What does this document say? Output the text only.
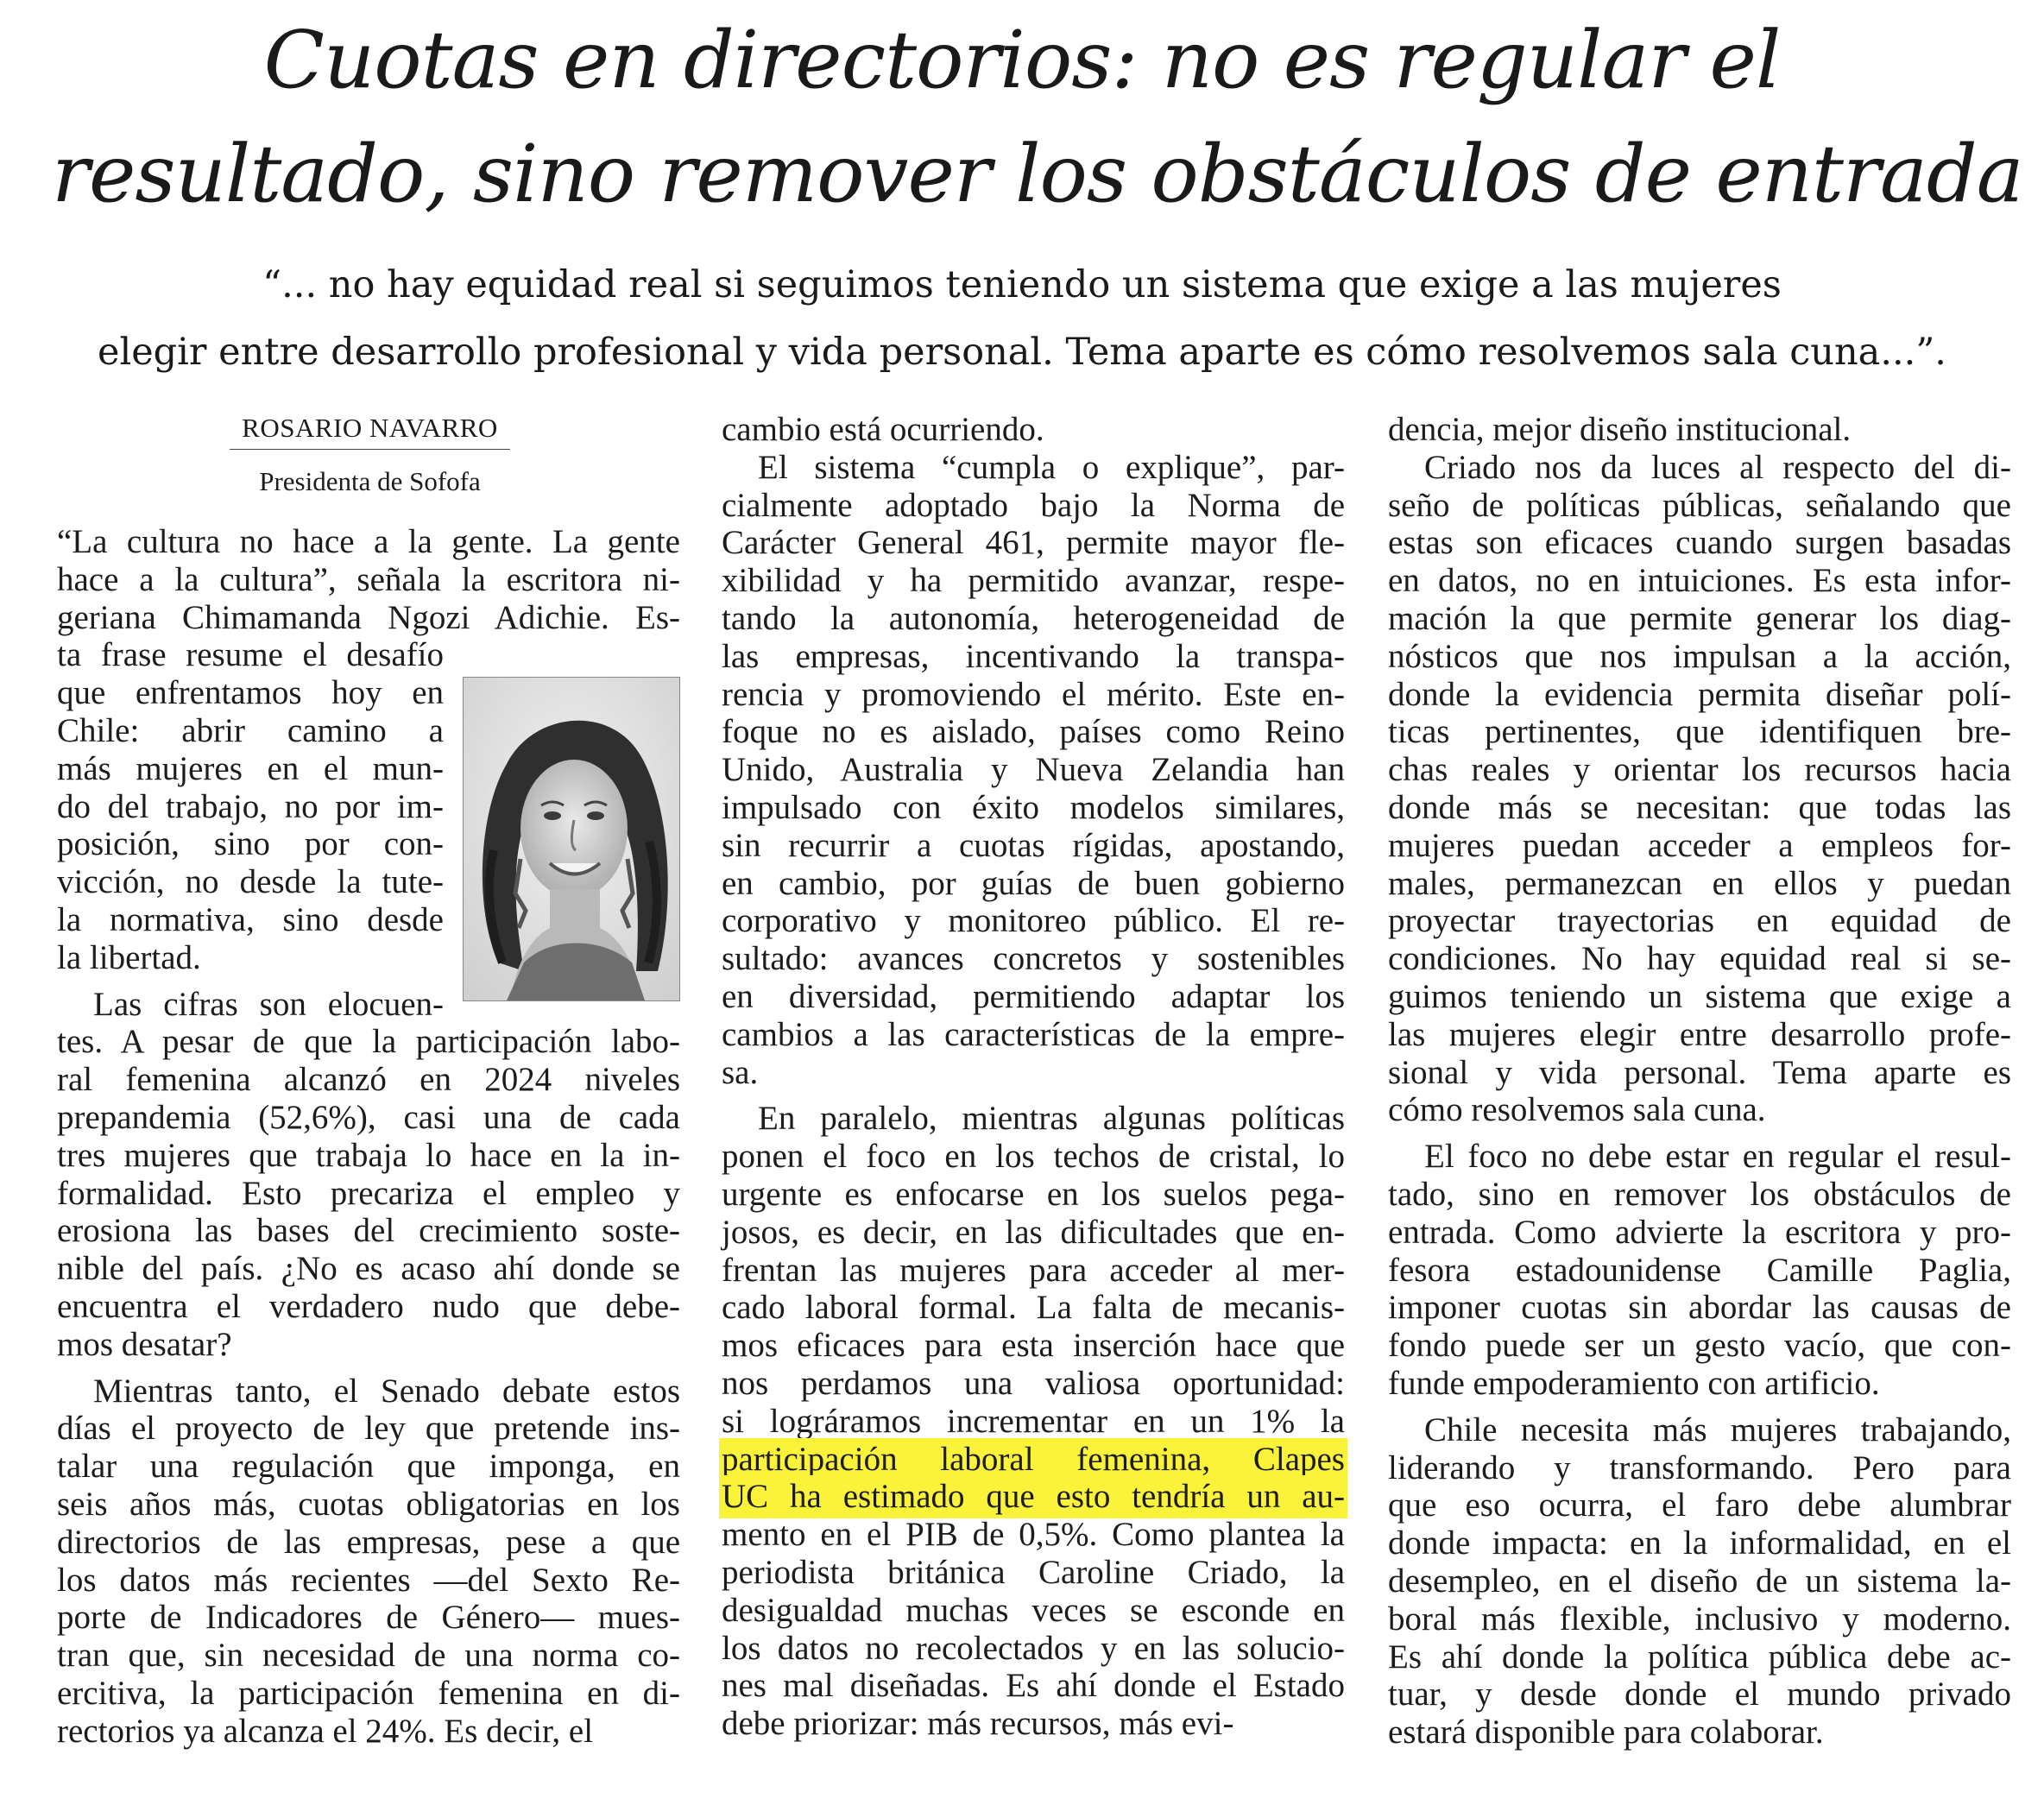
Cuotas en directorios: no es regular el
resultado, sino remover los obstáculos de entrada
“... no hay equidad real si seguimos teniendo un sistema que exige a las mujeres
elegir entre desarrollo profesional y vida personal. Tema aparte es cómo resolvemos sala cuna...”.
ROSARIO NAVARRO
Presidenta de Sofofa
“La cultura no hace a la gente. La gente
hace a la cultura”, señala la escritora ni-
geriana Chimamanda Ngozi Adichie. Es-
ta frase resume el desafío
que enfrentamos hoy en
Chile: abrir camino a
más mujeres en el mun-
do del trabajo, no por im-
posición, sino por con-
vicción, no desde la tute-
la normativa, sino desde
la libertad.
Las cifras son elocuen-
tes. A pesar de que la participación labo-
ral femenina alcanzó en 2024 niveles
prepandemia (52,6%), casi una de cada
tres mujeres que trabaja lo hace en la in-
formalidad. Esto precariza el empleo y
erosiona las bases del crecimiento soste-
nible del país. ¿No es acaso ahí donde se
encuentra el verdadero nudo que debe-
mos desatar?
Mientras tanto, el Senado debate estos
días el proyecto de ley que pretende ins-
talar una regulación que imponga, en
seis años más, cuotas obligatorias en los
directorios de las empresas, pese a que
los datos más recientes —del Sexto Re-
porte de Indicadores de Género— mues-
tran que, sin necesidad de una norma co-
ercitiva, la participación femenina en di-
rectorios ya alcanza el 24%. Es decir, el
cambio está ocurriendo.
El sistema “cumpla o explique”, par-
cialmente adoptado bajo la Norma de
Carácter General 461, permite mayor fle-
xibilidad y ha permitido avanzar, respe-
tando la autonomía, heterogeneidad de
las empresas, incentivando la transpa-
rencia y promoviendo el mérito. Este en-
foque no es aislado, países como Reino
Unido, Australia y Nueva Zelandia han
impulsado con éxito modelos similares,
sin recurrir a cuotas rígidas, apostando,
en cambio, por guías de buen gobierno
corporativo y monitoreo público. El re-
sultado: avances concretos y sostenibles
en diversidad, permitiendo adaptar los
cambios a las características de la empre-
sa.
En paralelo, mientras algunas políticas
ponen el foco en los techos de cristal, lo
urgente es enfocarse en los suelos pega-
josos, es decir, en las dificultades que en-
frentan las mujeres para acceder al mer-
cado laboral formal. La falta de mecanis-
mos eficaces para esta inserción hace que
nos perdamos una valiosa oportunidad:
si lográramos incrementar en un 1% la
participación laboral femenina, Clapes
UC ha estimado que esto tendría un au-
mento en el PIB de 0,5%. Como plantea la
periodista británica Caroline Criado, la
desigualdad muchas veces se esconde en
los datos no recolectados y en las solucio-
nes mal diseñadas. Es ahí donde el Estado
debe priorizar: más recursos, más evi-
dencia, mejor diseño institucional.
Criado nos da luces al respecto del di-
seño de políticas públicas, señalando que
estas son eficaces cuando surgen basadas
en datos, no en intuiciones. Es esta infor-
mación la que permite generar los diag-
nósticos que nos impulsan a la acción,
donde la evidencia permita diseñar polí-
ticas pertinentes, que identifiquen bre-
chas reales y orientar los recursos hacia
donde más se necesitan: que todas las
mujeres puedan acceder a empleos for-
males, permanezcan en ellos y puedan
proyectar trayectorias en equidad de
condiciones. No hay equidad real si se-
guimos teniendo un sistema que exige a
las mujeres elegir entre desarrollo profe-
sional y vida personal. Tema aparte es
cómo resolvemos sala cuna.
El foco no debe estar en regular el resul-
tado, sino en remover los obstáculos de
entrada. Como advierte la escritora y pro-
fesora estadounidense Camille Paglia,
imponer cuotas sin abordar las causas de
fondo puede ser un gesto vacío, que con-
funde empoderamiento con artificio.
Chile necesita más mujeres trabajando,
liderando y transformando. Pero para
que eso ocurra, el faro debe alumbrar
donde impacta: en la informalidad, en el
desempleo, en el diseño de un sistema la-
boral más flexible, inclusivo y moderno.
Es ahí donde la política pública debe ac-
tuar, y desde donde el mundo privado
estará disponible para colaborar.
